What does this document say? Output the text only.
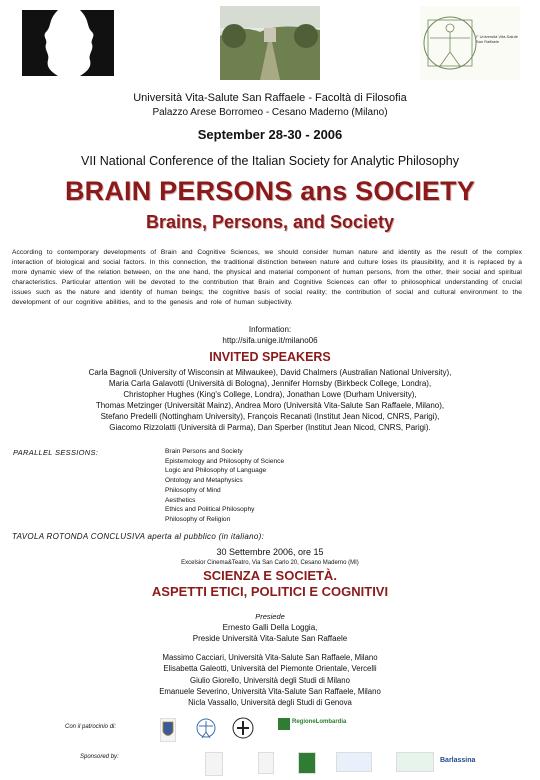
l° Università Vita-Salute San Raffaele
Università Vita-Salute San Raffaele - Facoltà di Filosofia
Palazzo Arese Borromeo - Cesano Maderno (Milano)
September 28-30 - 2006
VII National Conference of the Italian Society for Analytic Philosophy
BRAIN PERSONS ans SOCIETY
Brains, Persons, and Society
According to contemporary developments of Brain and Cognitive Sciences, we should consider human nature and identity as the result of the complex interaction of biological and social factors. In this connection, the traditional distinction between nature and culture loses its plausibility, and it is replaced by a more dynamic view of the relation between, on the one hand, the physical and material component of human persons, from the other, their social and spiritual characteristics. Particular attention will be devoted to the contribution that Brain and Cognitive Sciences can offer to philosophical understanding of crucial issues such as the nature and identity of human beings; the cognitive basis of social reality; the contribution of social and cultural environment to the development of our cognitive abilities, and to the genesis and role of human subjectivity.
Information:
http://sifa.unige.it/milano06
INVITED SPEAKERS
Carla Bagnoli (University of Wisconsin at Milwaukee), David Chalmers (Australian National University),
Maria Carla Galavotti (Università di Bologna), Jennifer Hornsby (Birkbeck College, Londra),
Christopher Hughes (King's College, Londra), Jonathan Lowe (Durham University),
Thomas Metzinger (Universität Mainz), Andrea Moro (Università Vita-Salute San Raffaele, Milano),
Stefano Predelli (Nottingham University), François Recanati (Institut Jean Nicod, CNRS, Parigi),
Giacomo Rizzolatti (Università di Parma), Dan Sperber (Institut Jean Nicod, CNRS, Parigi).
PARALLEL SESSIONS:	Brain Persons and Society
Epistemology and Philosophy of Science
Logic and Philosophy of Language
Ontology and Metaphysics
Philosophy of Mind
Aesthetics
Ethics and Political Philosophy
Philosophy of Religion
TAVOLA ROTONDA CONCLUSIVA aperta al pubblico (in italiano):
30 Settembre 2006, ore 15
Excelsior Cinema&Teatro, Via San Carlo 20, Cesano Maderno (MI)
SCIENZA E SOCIETÀ.
ASPETTI ETICI, POLITICI E COGNITIVI
Presiede
Ernesto Galli Della Loggia,
Preside Università Vita-Salute San Raffaele
Massimo Cacciari, Università Vita-Salute San Raffaele, Milano
Elisabetta Galeotti, Università del Piemonte Orientale, Vercelli
Giulio Giorello, Università degli Studi di Milano
Emanuele Severino, Università Vita-Salute San Raffaele, Milano
Nicla Vassallo, Università degli Studi di Genova
Con il patrocinio di:
Sponsored by:
RegioneLombardia
Barlassina
